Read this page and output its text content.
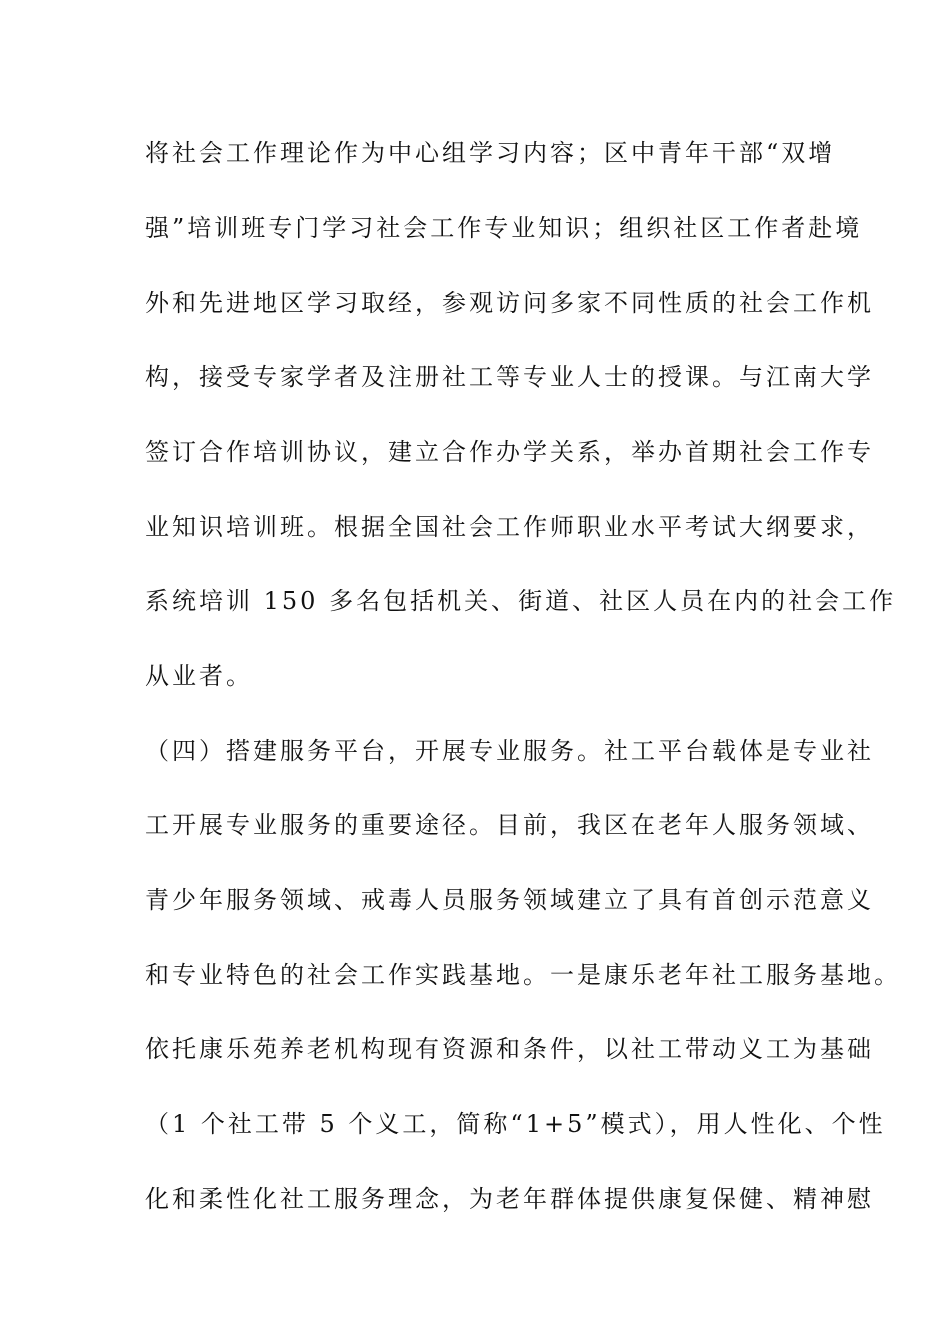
将社会工作理论作为中心组学习内容；区中青年干部“双增
强”培训班专门学习社会工作专业知识；组织社区工作者赴境
外和先进地区学习取经，参观访问多家不同性质的社会工作机
构，接受专家学者及注册社工等专业人士的授课。与江南大学
签订合作培训协议，建立合作办学关系，举办首期社会工作专
业知识培训班。根据全国社会工作师职业水平考试大纲要求，
系统培训 150 多名包括机关、街道、社区人员在内的社会工作
从业者。
（四）搭建服务平台，开展专业服务。社工平台载体是专业社
工开展专业服务的重要途径。目前，我区在老年人服务领域、
青少年服务领域、戒毒人员服务领域建立了具有首创示范意义
和专业特色的社会工作实践基地。一是康乐老年社工服务基地。
依托康乐苑养老机构现有资源和条件，以社工带动义工为基础
（1 个社工带 5 个义工，简称“1+5”模式），用人性化、个性
化和柔性化社工服务理念，为老年群体提供康复保健、精神慰
